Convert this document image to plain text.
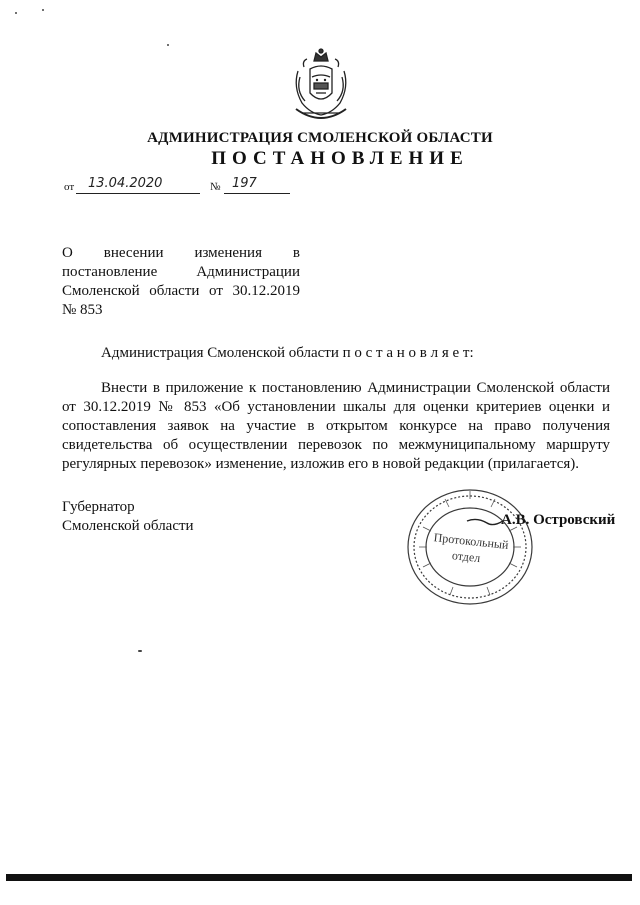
АДМИНИСТРАЦИЯ СМОЛЕНСКОЙ ОБЛАСТИ
ПОСТАНОВЛЕНИЕ
от 13.04.2020	№ 197
О внесении изменения в
постановление Администрации
Смоленской области от 30.12.2019
№ 853
Администрация Смоленской области п о с т а н о в л я е т:
Внести в приложение к постановлению Администрации Смоленской области от 30.12.2019 № 853 «Об установлении шкалы для оценки критериев оценки и сопоставления заявок на участие в открытом конкурсе на право получения свидетельства об осуществлении перевозок по межмуниципальному маршруту регулярных перевозок» изменение, изложив его в новой редакции (прилагается).
Губернатор
Смоленской области
Протокольный
отдел
А.В. Островский
